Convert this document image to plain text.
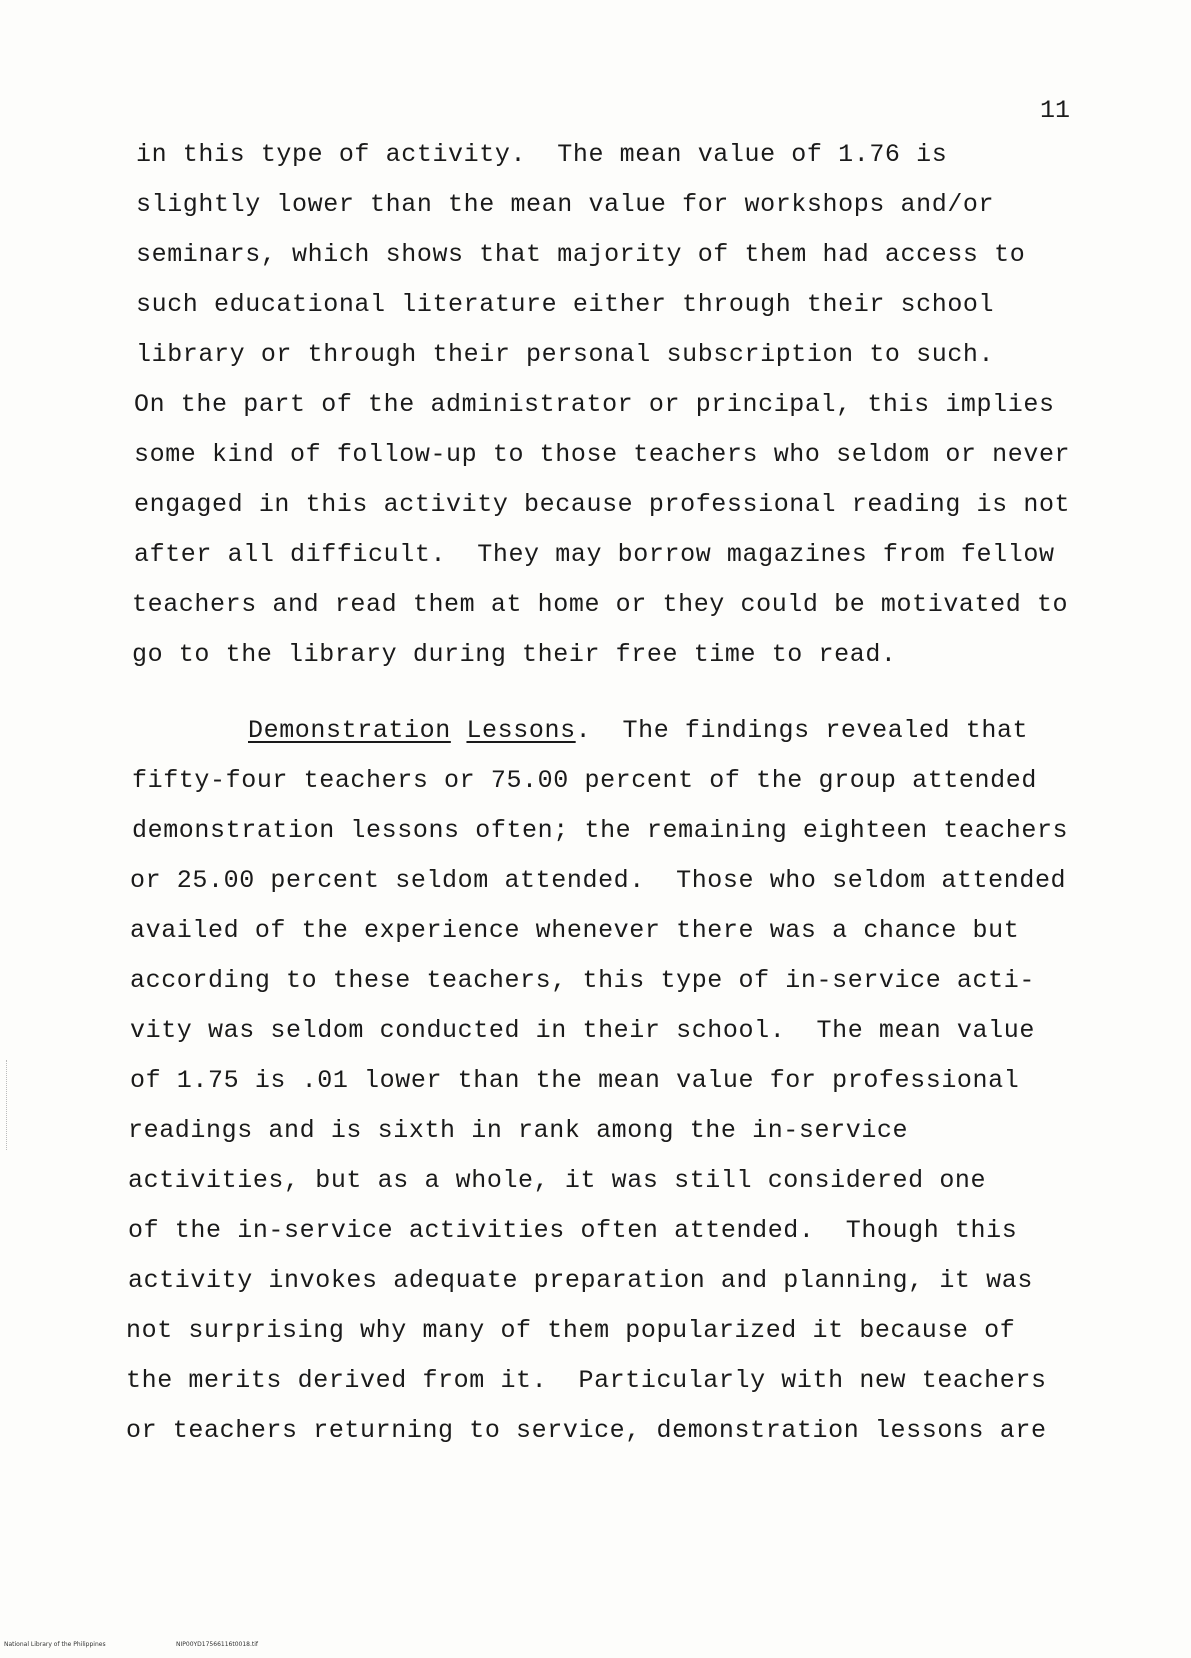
11
in this type of activity.  The mean value of 1.76 is
slightly lower than the mean value for workshops and/or
seminars, which shows that majority of them had access to
such educational literature either through their school
library or through their personal subscription to such.
On the part of the administrator or principal, this implies
some kind of follow-up to those teachers who seldom or never
engaged in this activity because professional reading is not
after all difficult.  They may borrow magazines from fellow
teachers and read them at home or they could be motivated to
go to the library during their free time to read.
Demonstration Lessons.  The findings revealed that
fifty-four teachers or 75.00 percent of the group attended
demonstration lessons often; the remaining eighteen teachers
or 25.00 percent seldom attended.  Those who seldom attended
availed of the experience whenever there was a chance but
according to these teachers, this type of in-service acti-
vity was seldom conducted in their school.  The mean value
of 1.75 is .01 lower than the mean value for professional
readings and is sixth in rank among the in-service
activities, but as a whole, it was still considered one
of the in-service activities often attended.  Though this
activity invokes adequate preparation and planning, it was
not surprising why many of them popularized it because of
the merits derived from it.  Particularly with new teachers
or teachers returning to service, demonstration lessons are
National Library of the Philippines	NIP00YD17566116t0018.tif
